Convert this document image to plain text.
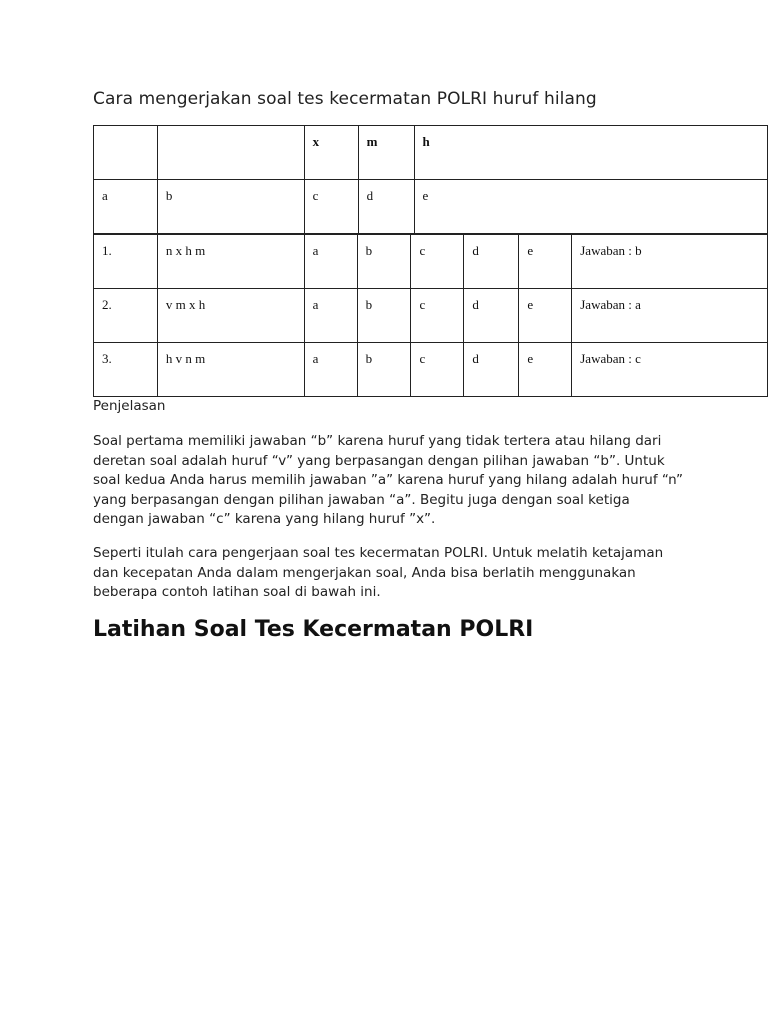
Cara mengerjakan soal tes kecermatan POLRI huruf hilang
		x	m	h
a	b	c	d	e
1.	n x h m	a	b	c	d	e	Jawaban : b
2.	v m x h	a	b	c	d	e	Jawaban : a
3.	h v n m	a	b	c	d	e	Jawaban : c
Penjelasan

Soal pertama memiliki jawaban “b” karena huruf yang tidak tertera atau hilang dari deretan soal adalah huruf “v” yang berpasangan dengan pilihan jawaban “b”. Untuk soal kedua Anda harus memilih jawaban ”a” karena huruf yang hilang adalah huruf “n” yang berpasangan dengan pilihan jawaban “a”. Begitu juga dengan soal ketiga dengan jawaban “c” karena yang hilang huruf ”x”.

Seperti itulah cara pengerjaan soal tes kecermatan POLRI. Untuk melatih ketajaman dan kecepatan Anda dalam mengerjakan soal, Anda bisa berlatih menggunakan beberapa contoh latihan soal di bawah ini.

Latihan Soal Tes Kecermatan POLRI
